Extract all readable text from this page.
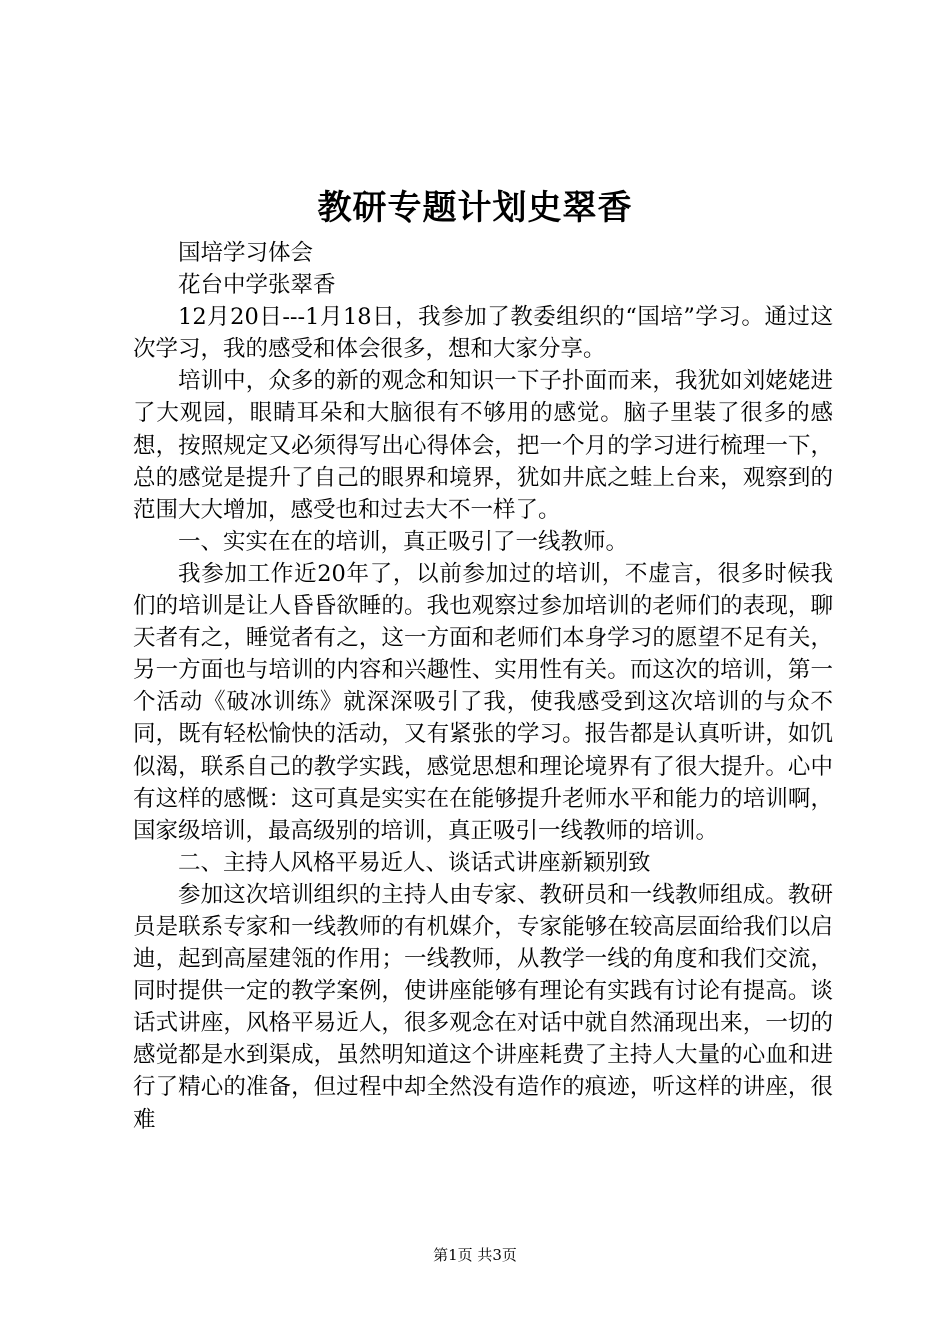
教研专题计划史翠香

国培学习体会

花台中学张翠香

12月20日---1月18日，我参加了教委组织的“国培”学习。通过这次学习，我的感受和体会很多，想和大家分享。

培训中，众多的新的观念和知识一下子扑面而来，我犹如刘姥姥进了大观园，眼睛耳朵和大脑很有不够用的感觉。脑子里装了很多的感想，按照规定又必须得写出心得体会，把一个月的学习进行梳理一下，总的感觉是提升了自己的眼界和境界，犹如井底之蛙上台来，观察到的范围大大增加，感受也和过去大不一样了。

一、实实在在的培训，真正吸引了一线教师。

我参加工作近20年了，以前参加过的培训，不虚言，很多时候我们的培训是让人昏昏欲睡的。我也观察过参加培训的老师们的表现，聊天者有之，睡觉者有之，这一方面和老师们本身学习的愿望不足有关，另一方面也与培训的内容和兴趣性、实用性有关。而这次的培训，第一个活动《破冰训练》就深深吸引了我，使我感受到这次培训的与众不同，既有轻松愉快的活动，又有紧张的学习。报告都是认真听讲，如饥似渴，联系自己的教学实践，感觉思想和理论境界有了很大提升。心中有这样的感慨：这可真是实实在在能够提升老师水平和能力的培训啊，国家级培训，最高级别的培训，真正吸引一线教师的培训。

二、主持人风格平易近人、谈话式讲座新颖别致

参加这次培训组织的主持人由专家、教研员和一线教师组成。教研员是联系专家和一线教师的有机媒介，专家能够在较高层面给我们以启迪，起到高屋建瓴的作用；一线教师，从教学一线的角度和我们交流，同时提供一定的教学案例，使讲座能够有理论有实践有讨论有提高。谈话式讲座，风格平易近人，很多观念在对话中就自然涌现出来，一切的感觉都是水到渠成，虽然明知道这个讲座耗费了主持人大量的心血和进行了精心的准备，但过程中却全然没有造作的痕迹，听这样的讲座，很难

第1页 共3页
